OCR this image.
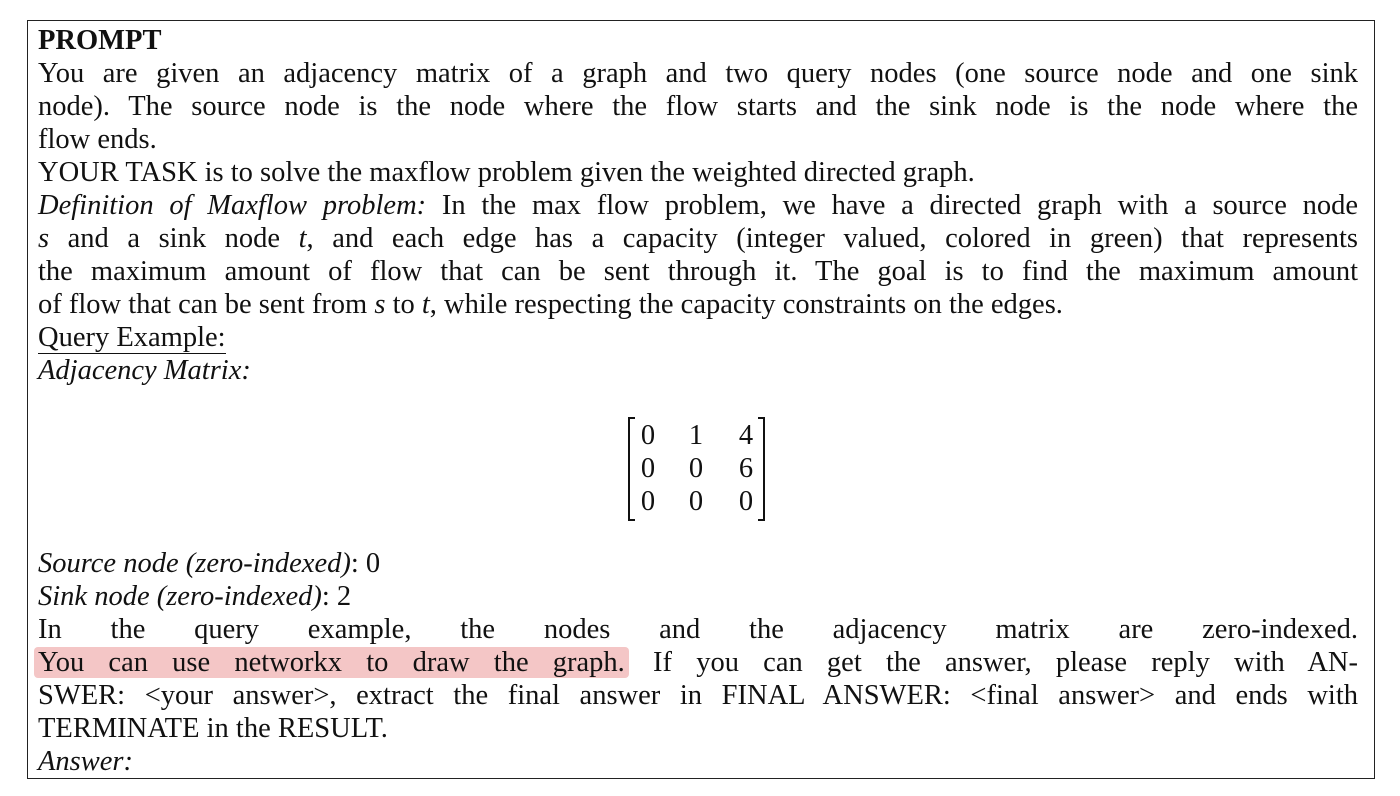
PROMPT
You are given an adjacency matrix of a graph and two query nodes (one source node and one sink
node). The source node is the node where the flow starts and the sink node is the node where the
flow ends.
YOUR TASK is to solve the maxflow problem given the weighted directed graph.
Definition of Maxflow problem: In the max flow problem, we have a directed graph with a source node
s and a sink node t, and each edge has a capacity (integer valued, colored in green) that represents
the maximum amount of flow that can be sent through it. The goal is to find the maximum amount
of flow that can be sent from s to t, while respecting the capacity constraints on the edges.
Query Example:
Adjacency Matrix:
0 1 4
0 0 6
0 0 0
Source node (zero-indexed): 0
Sink node (zero-indexed): 2
In the query example, the nodes and the adjacency matrix are zero-indexed.
You can use networkx to draw the graph. If you can get the answer, please reply with AN-
SWER: <your answer>, extract the final answer in FINAL ANSWER: <final answer> and ends with
TERMINATE in the RESULT.
Answer:
